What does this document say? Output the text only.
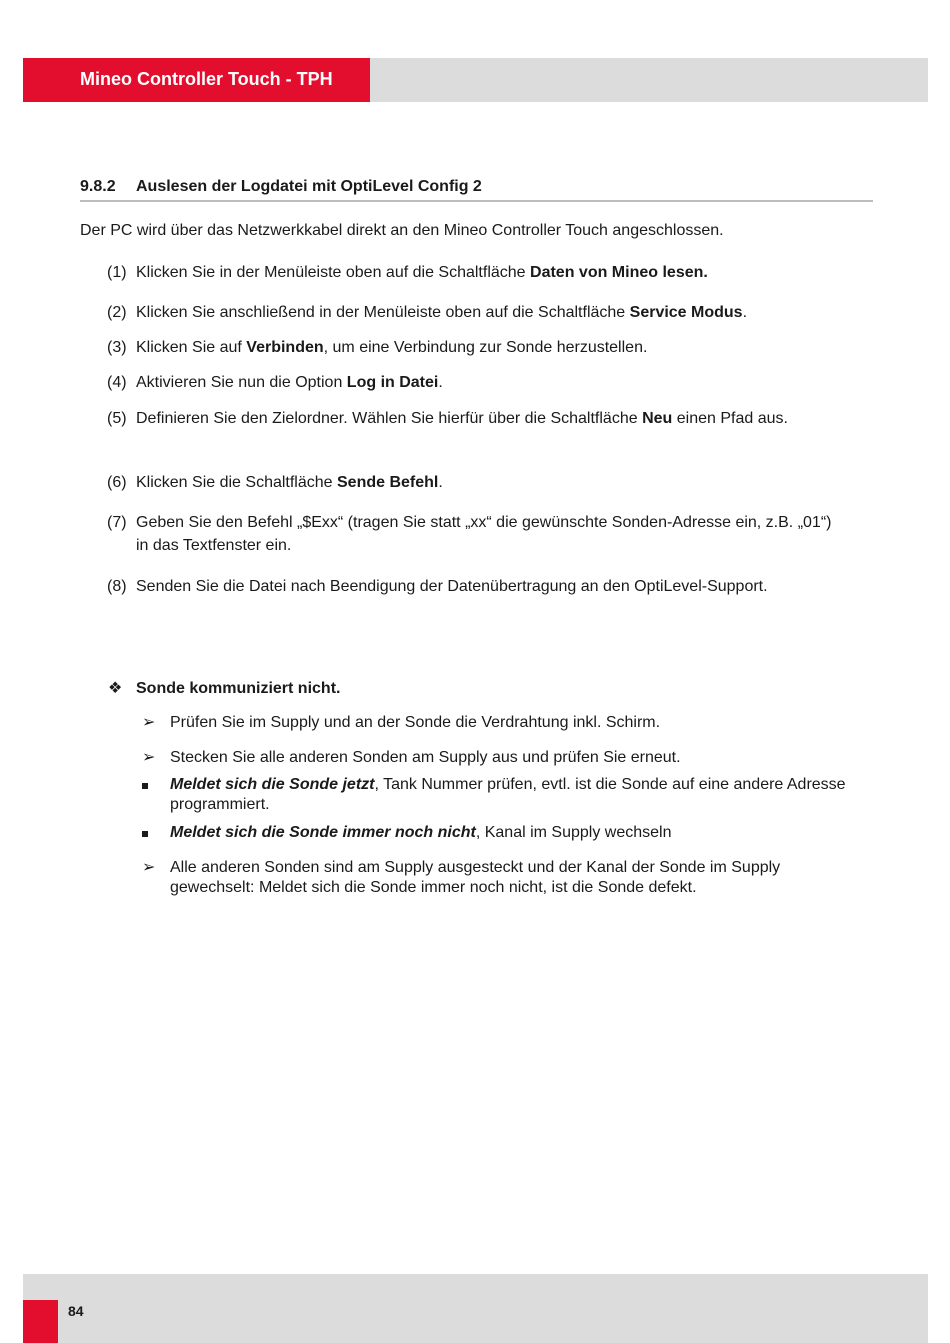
Mineo Controller Touch - TPH
9.8.2 Auslesen der Logdatei mit OptiLevel Config 2
Der PC wird über das Netzwerkkabel direkt an den Mineo Controller Touch angeschlossen.
(1) Klicken Sie in der Menüleiste oben auf die Schaltfläche Daten von Mineo lesen.
(2) Klicken Sie anschließend in der Menüleiste oben auf die Schaltfläche Service Modus.
(3) Klicken Sie auf Verbinden, um eine Verbindung zur Sonde herzustellen.
(4) Aktivieren Sie nun die Option Log in Datei.
(5) Definieren Sie den Zielordner. Wählen Sie hierfür über die Schaltfläche Neu einen Pfad aus.
(6) Klicken Sie die Schaltfläche Sende Befehl.
(7) Geben Sie den Befehl „$Exx“ (tragen Sie statt „xx“ die gewünschte Sonden-Adresse ein, z.B. „01“) in das Textfenster ein.
(8) Senden Sie die Datei nach Beendigung der Datenübertragung an den OptiLevel-Support.
❖ Sonde kommuniziert nicht.
➢ Prüfen Sie im Supply und an der Sonde die Verdrahtung inkl. Schirm.
➢ Stecken Sie alle anderen Sonden am Supply aus und prüfen Sie erneut.
Meldet sich die Sonde jetzt, Tank Nummer prüfen, evtl. ist die Sonde auf eine andere Adresse programmiert.
Meldet sich die Sonde immer noch nicht, Kanal im Supply wechseln
➢ Alle anderen Sonden sind am Supply ausgesteckt und der Kanal der Sonde im Supply gewechselt: Meldet sich die Sonde immer noch nicht, ist die Sonde defekt.
84
